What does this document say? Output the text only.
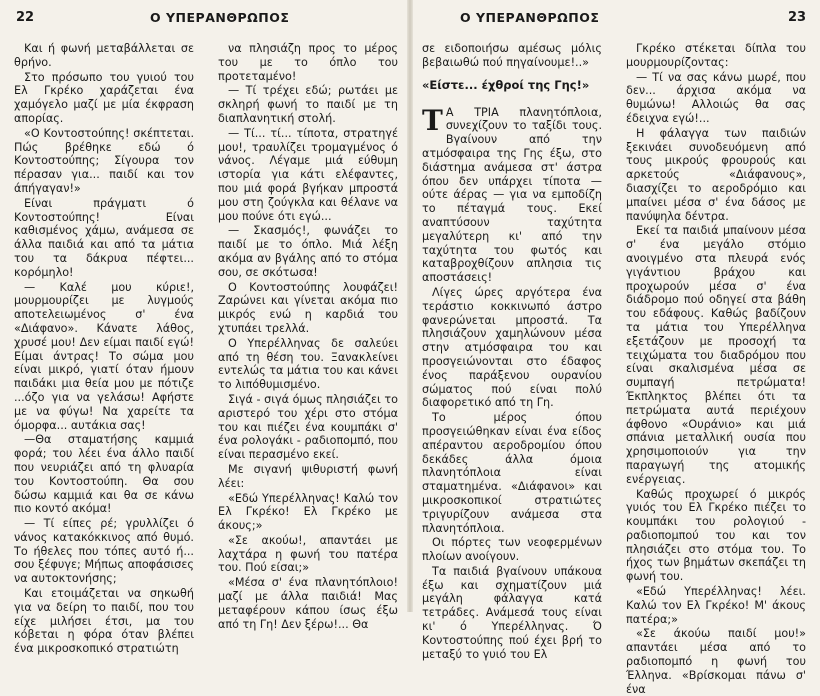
22	Ο ΥΠΕΡΑΝΘΡΩΠΟΣ

Και ή φωνή μεταβάλλεται σε θρήνο.

Στο πρόσωπο του γυιού του Ελ Γκρέκο χαράζεται ένα χαμόγελο μαζί με μία έκφραση απορίας.

«Ο Κοντοστούπης! σκέπτεται. Πώς βρέθηκε εδώ ό Κοντοστούπης; Σίγουρα τον πέρασαν για... παιδί και τον άπήγαγαν!»

Είναι πράγματι ό Κοντοστούπης! Είναι καθισμένος χάμω, ανάμεσα σε άλλα παιδιά και από τα μάτια του τα δάκρυα πέφτει... κορόμηλο!

— Καλέ μου κύριε!, μουρμουρίζει με λυγμούς αποτελειωμένος σ' ένα «Διάφανο». Κάνατε λάθος, χρυσέ μου! Δεν είμαι παιδί εγώ! Είμαι άντρας! Το σώμα μου είναι μικρό, γιατί όταν ήμουν παιδάκι μια θεία μου με πότιζε ...όζο για να γελάσω! Αφήστε με να φύγω! Να χαρείτε τα όμορφα... αυτάκια σας!

—Θα σταματήσης καμμιά φορά; του λέει ένα άλλο παιδί που νευριάζει από τη φλυαρία του Κοντοστούπη. Θα σου δώσω καμμιά και θα σε κάνω πιο κοντό ακόμα!

— Τί είπες ρέ; γρυλλίζει ό νάνος κατακόκκινος από θυμό. Το ήθελες που τόπες αυτό ή... σου ξέφυγε; Μήπως αποφάσισες να αυτοκτονήσης;

Και ετοιμάζεται να σηκωθή για να δείρη το παιδί, που του είχε μιλήσει έτσι, μα του κόβεται η φόρα όταν βλέπει ένα μικροσκοπικό στρατιώτη

να πλησιάζη προς το μέρος του με το όπλο του προτεταμένο!

— Τί τρέχει εδώ; ρωτάει με σκληρή φωνή το παιδί με τη διαπλανητική στολή.

— Τί... τί... τίποτα, στρατηγέ μου!, τραυλίζει τρομαγμένος ό νάνος. Λέγαμε μιά εύθυμη ιστορία για κάτι ελέφαντες, που μιά φορά βγήκαν μπροστά μου στη ζούγκλα και θέλανε να μου πούνε ότι εγώ...

— Σκασμός!, φωνάζει το παιδί με το όπλο. Μιά λέξη ακόμα αν βγάλης από το στόμα σου, σε σκότωσα!

Ο Κοντοστούπης λουφάζει! Ζαρώνει και γίνεται ακόμα πιο μικρός ενώ η καρδιά του χτυπάει τρελλά.

Ο Υπερέλληνας δε σαλεύει από τη θέση του. Ξανακλείνει εντελώς τα μάτια του και κάνει το λιπόθυμισμένο.

Σιγά - σιγά όμως πλησιάζει το αριστερό του χέρι στο στόμα του και πιέζει ένα κουμπάκι σ' ένα ρολογάκι - ραδιοπομπό, που είναι περασμένο εκεί.

Με σιγανή ψιθυριστή φωνή λέει:

«Εδώ Υπερέλληνας! Καλώ τον Ελ Γκρέκο! Ελ Γκρέκο με άκους;»

«Σε ακούω!, απαντάει με λαχτάρα η φωνή του πατέρα του. Πού είσαι;»

«Μέσα σ' ένα πλανητόπλοιο! μαζί με άλλα παιδιά! Μας μεταφέρουν κάπου ίσως έξω από τη Γη! Δεν ξέρω!... Θα

Ο ΥΠΕΡΑΝΘΡΩΠΟΣ	23

σε ειδοποιήσω αμέσως μόλις βεβαιωθώ πού πηγαίνουμε!..»

«Είστε... έχθροί της Γης!»

Τ Α ΤΡΙΑ πλανητόπλοια, συνεχίζουν το ταξίδι τους. Βγαίνουν από την ατμόσφαιρα της Γης έξω, στο διάστημα ανάμεσα στ' άστρα όπου δεν υπάρχει τίποτα — ούτε άέρας — για να εμποδίζη το πέταγμά τους. Εκεί αναπτύσουν ταχύτητα μεγαλύτερη κι' από την ταχύτητα του φωτός και καταβροχθίζουν απλησια τις αποστάσεις!

Λίγες ώρες αργότερα ένα τεράστιο κοκκινωπό άστρο φανερώνεται μπροστά. Τα πλησιάζουν χαμηλώνουν μέσα στην ατμόσφαιρα του και προσγειώνονται στο έδαφος ένος παράξενου ουρανίου σώματος πού είναι πολύ διαφορετικό από τη Γη.

Το μέρος όπου προσγειώθηκαν είναι ένα είδος απέραντου αεροδρομίου όπου δεκάδες άλλα όμοια πλανητόπλοια είναι σταματημένα. «Διάφανοι» και μικροσκοπικοί στρατιώτες τριγυρίζουν ανάμεσα στα πλανητόπλοια.

Οι πόρτες των νεοφερμένων πλοίων ανοίγουν.

Τα παιδιά βγαίνουν υπάκουα έξω και σχηματίζουν μιά μεγάλη φάλαγγα κατά τετράδες. Ανάμεσά τους είναι κι' ό Υπερέλληνας. Ό Κοντοστούπης πού έχει βρή το μεταξύ το γυιό του Ελ

Γκρέκο στέκεται δίπλα του μουρμουρίζοντας:

— Τί να σας κάνω μωρέ, που δεν... άρχισα ακόμα να θυμώνω! Αλλοιώς θα σας έδειχνα εγώ!...

Η φάλαγγα των παιδιών ξεκινάει συνοδευόμενη από τους μικρούς φρουρούς και αρκετούς «Διάφανους», διασχίζει το αεροδρόμιο και μπαίνει μέσα σ' ένα δάσος με πανύψηλα δέντρα.

Εκεί τα παιδιά μπαίνουν μέσα σ' ένα μεγάλο στόμιο ανοιγμένο στα πλευρά ενός γιγάντιου βράχου και προχωρούν μέσα σ' ένα διάδρομο πού οδηγεί στα βάθη του εδάφους. Καθώς βαδίζουν τα μάτια του Υπερέλληνα εξετάζουν με προσοχή τα τειχώματα του διαδρόμου που είναι σκαλισμένα μέσα σε συμπαγή πετρώματα! Έκπληκτος βλέπει ότι τα πετρώματα αυτά περιέχουν άφθονο «Ουράνιο» και μιά σπάνια μεταλλική ουσία που χρησιμοποιούν για την παραγωγή της ατομικής ενέργειας.

Καθώς προχωρεί ό μικρός γυιός του Ελ Γκρέκο πιέζει το κουμπάκι του ρολογιού - ραδιοπομπού του και τον πλησιάζει στο στόμα του. Το ήχος των βημάτων σκεπάζει τη φωνή του.

«Εδώ Υπερέλληνας! λέει. Καλώ τον Ελ Γκρέκο! Μ' άκους πατέρα;»

«Σε άκούω παιδί μου!» απαντάει μέσα από το ραδιοπομπό η φωνή του Έλληνα. «Βρίσκομαι πάνω σ' ένα
